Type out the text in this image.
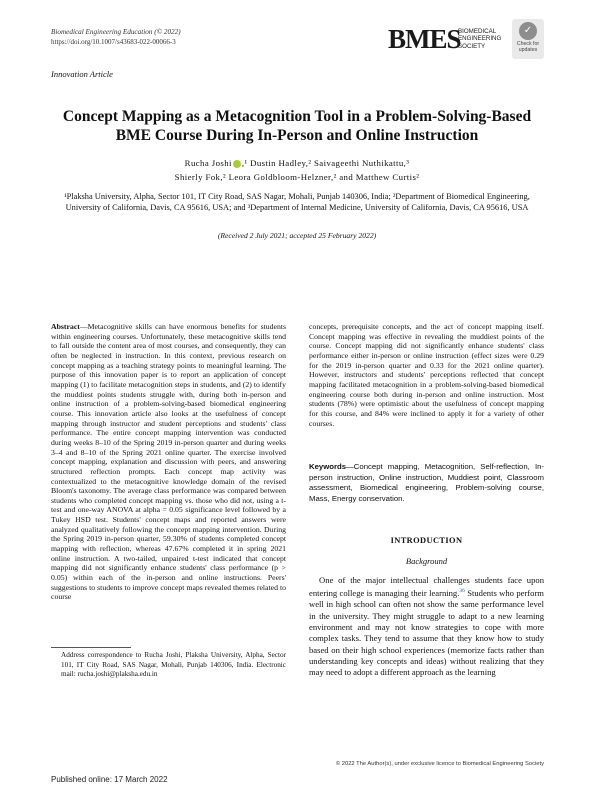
Biomedical Engineering Education (© 2022)
https://doi.org/10.1007/s43683-022-00066-3	BMES
BIOMEDICAL
ENGINEERING
SOCIETY
✓
Check for
updates
Innovation Article
Concept Mapping as a Metacognition Tool in a Problem-Solving-Based
BME Course During In-Person and Online Instruction
Rucha Joshi ,¹ Dustin Hadley,² Saivageethi Nuthikattu,³
Shierly Fok,² Leora Goldbloom-Helzner,² and Matthew Curtis²
¹Plaksha University, Alpha, Sector 101, IT City Road, SAS Nagar, Mohali, Punjab 140306, India; ²Department of Biomedical Engineering, University of California, Davis, CA 95616, USA; and ³Department of Internal Medicine, University of California, Davis, CA 95616, USA
(Received 2 July 2021; accepted 25 February 2022)
Abstract—Metacognitive skills can have enormous benefits for students within engineering courses. Unfortunately, these metacognitive skills tend to fall outside the content area of most courses, and consequently, they can often be neglected in instruction. In this context, previous research on concept mapping as a teaching strategy points to meaningful learning. The purpose of this innovation paper is to report an application of concept mapping (1) to facilitate metacognition steps in students, and (2) to identify the muddiest points students struggle with, during both in-person and online instruction of a problem-solving-based biomedical engineering course. This innovation article also looks at the usefulness of concept mapping through instructor and student perceptions and students' class performance. The entire concept mapping intervention was conducted during weeks 8–10 of the Spring 2019 in-person quarter and during weeks 3–4 and 8–10 of the Spring 2021 online quarter. The exercise involved concept mapping, explanation and discussion with peers, and answering structured reflection prompts. Each concept map activity was contextualized to the metacognitive knowledge domain of the revised Bloom's taxonomy. The average class performance was compared between students who completed concept mapping vs. those who did not, using a t-test and one-way ANOVA at alpha = 0.05 significance level followed by a Tukey HSD test. Students' concept maps and reported answers were analyzed qualitatively following the concept mapping intervention. During the Spring 2019 in-person quarter, 59.30% of students completed concept mapping with reflection, whereas 47.67% completed it in spring 2021 online instruction. A two-tailed, unpaired t-test indicated that concept mapping did not significantly enhance students' class performance (p > 0.05) within each of the in-person and online instructions. Peers' suggestions to students to improve concept maps revealed themes related to course
concepts, prerequisite concepts, and the act of concept mapping itself. Concept mapping was effective in revealing the muddiest points of the course. Concept mapping did not significantly enhance students' class performance either in-person or online instruction (effect sizes were 0.29 for the 2019 in-person quarter and 0.33 for the 2021 online quarter). However, instructors and students' perceptions reflected that concept mapping facilitated metacognition in a problem-solving-based biomedical engineering course both during in-person and online instruction. Most students (78%) were optimistic about the usefulness of concept mapping for this course, and 84% were inclined to apply it for a variety of other courses.
Keywords—Concept mapping, Metacognition, Self-reflection, In-person instruction, Online instruction, Muddiest point, Classroom assessment, Biomedical engineering, Problem-solving course, Mass, Energy conservation.
INTRODUCTION
Background
One of the major intellectual challenges students face upon entering college is managing their learning.$^{36}$ Students who perform well in high school can often not show the same performance level in the university. They might struggle to adapt to a new learning environment and may not know strategies to cope with more complex tasks. They tend to assume that they know how to study based on their high school experiences (memorize facts rather than understanding key concepts and ideas) without realizing that they may need to adopt a different approach as the learning
Address correspondence to Rucha Joshi, Plaksha University, Alpha, Sector 101, IT City Road, SAS Nagar, Mohali, Punjab 140306, India. Electronic mail: rucha.joshi@plaksha.edu.in
© 2022 The Author(s), under exclusive licence to Biomedical Engineering Society
Published online: 17 March 2022
